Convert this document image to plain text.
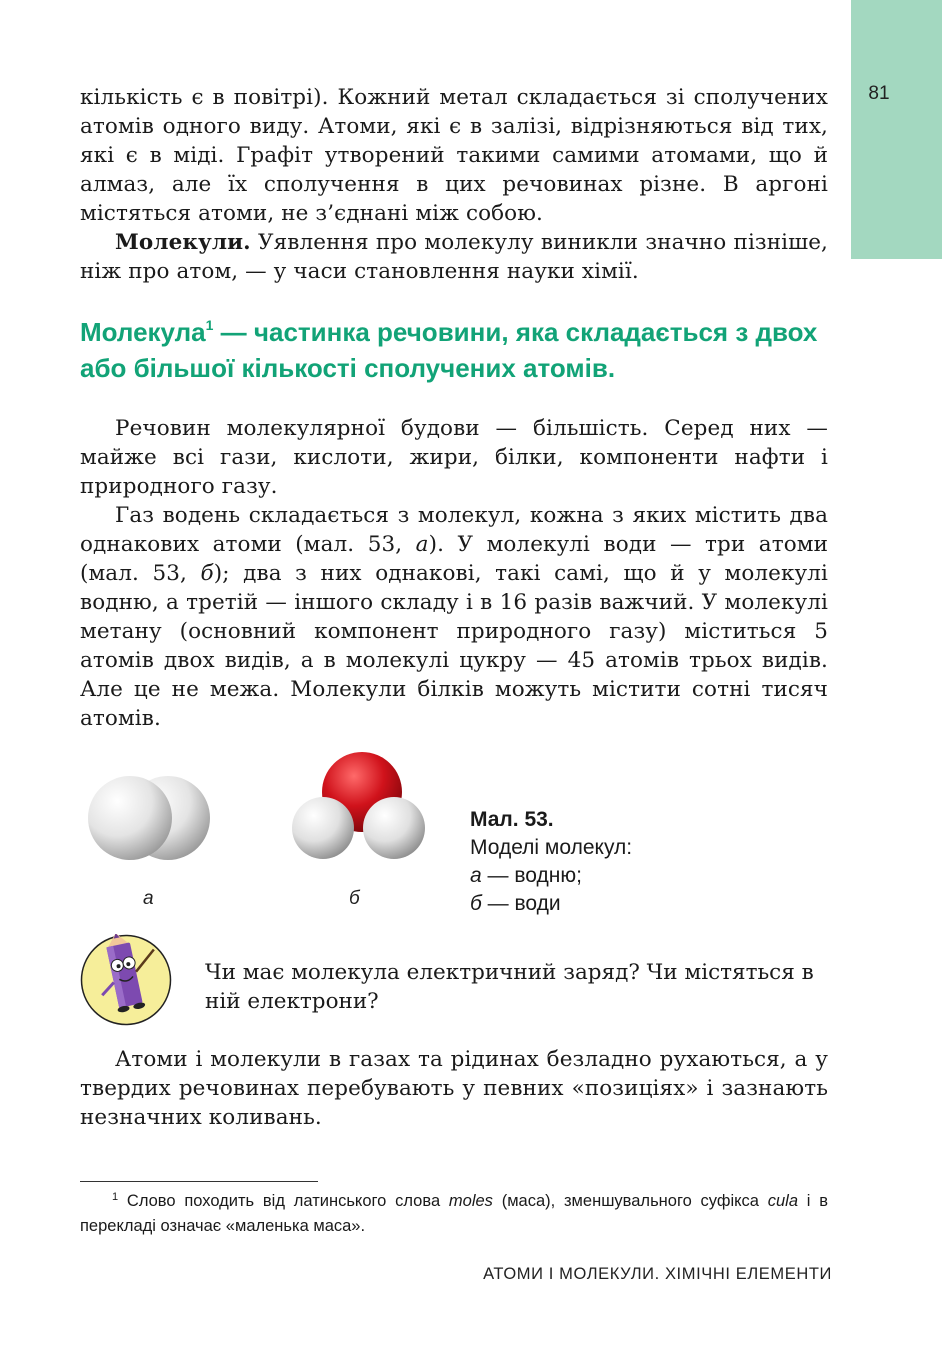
81

кількість є в повітрі). Кожний метал складається зі сполучених атомів одного виду. Атоми, які є в залізі, відрізняються від тих, які є в міді. Графіт утворений такими самими атомами, що й алмаз, але їх сполучення в цих речовинах різне. В аргоні містяться атоми, не з’єднані між собою.

Молекули. Уявлення про молекулу виникли значно пізніше, ніж про атом, — у часи становлення науки хімії.

Молекула$^1$ — частинка речовини, яка складається з двох або більшої кількості сполучених атомів.

Речовин молекулярної будови — більшість. Серед них — майже всі гази, кислоти, жири, білки, компоненти нафти і природного газу.

Газ водень складається з молекул, кожна з яких містить два однакових атоми (мал. 53, а). У молекулі води — три атоми (мал. 53, б); два з них однакові, такі самі, що й у молекулі водню, а третій — іншого складу і в 16 разів важчий. У молекулі метану (основний компонент природного газу) міститься 5 атомів двох видів, а в молекулі цукру — 45 атомів трьох видів. Але це не межа. Молекули білків можуть містити сотні тисяч атомів.

а	б
Мал. 53.
Моделі молекул:
а — водню;
б — води

Чи має молекула електричний заряд? Чи містяться в ній електрони?

Атоми і молекули в газах та рідинах безладно рухаються, а у твердих речовинах перебувають у певних «позиціях» і зазнають незначних коливань.

$^1$ Слово походить від латинського слова moles (маса), зменшувального суфікса cula і в перекладі означає «маленька маса».

АТОМИ І МОЛЕКУЛИ. ХІМІЧНІ ЕЛЕМЕНТИ
